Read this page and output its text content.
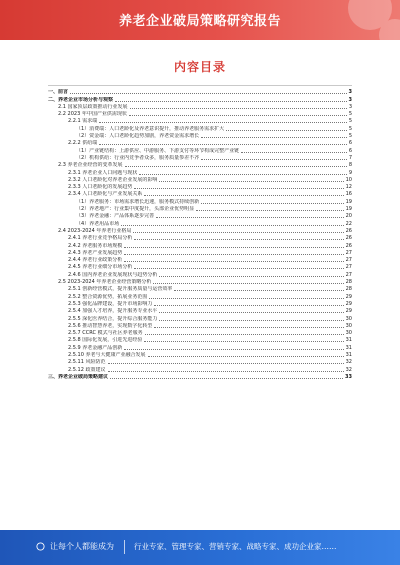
养老企业破局策略研究报告
内容目录
一、前言	3
二、养老企业市场分析与观察	3
2.1 国家顶层政策推动行业发展	3
2.2 2023 年中国产业供需现状	5
2.2.1 需求端	5
（1）消费端：人口老龄化及养老意识提升，推动养老服务需求扩大	5
（2）资金端：人口老龄化趋势加剧，养老资金需求增长	5
2.2.2 供给端	6
（1）产业链结构：上游供应、中游服务、下游支付等环节构成完整产业链	6
（2）机构供给：行业内竞争者众多，服务质量参差不齐	7
2.3 养老企业经营的变革发展	8
2.3.1 养老企业人口问题与现状	9
2.3.2 人口老龄化对养老企业发展的影响	10
2.3.3 人口老龄化的发展趋势	12
2.3.4 人口老龄化与产业发展关系	16
（1）养老服务：市场需求增长迅速，服务模式持续创新	19
（2）养老地产：行业集中度提升，头部企业优势明显	19
（3）养老金融：产品体系逐步完善	20
（4）养老用品市场	22
2.4 2023-2024 年养老行业格局	26
2.4.1 养老行业竞争格局分析	26
2.4.2 养老服务市场规模	26
2.4.3 养老产业发展趋势	27
2.4.4 养老行业政策分析	27
2.4.5 养老行业细分市场分析	27
2.4.6 国内养老企业发展现状与趋势分析	27
2.5 2023-2024 年养老企业经营策略分析	28
2.5.1 创新经营模式，提升服务质量与运营效率	28
2.5.2 整合资源优势，拓展业务范围	29
2.5.3 强化品牌建设，提升市场影响力	29
2.5.4 加强人才培养，提升服务专业水平	29
2.5.5 深化医养结合，提升综合服务能力	30
2.5.6 推动智慧养老，实现数字化转型	30
2.5.7 CCRC 模式与社区养老服务	30
2.5.8 国际化发展，引进先进经验	31
2.5.9 养老金融产品创新	31
2.5.10 养老与大健康产业融合发展	31
2.5.11 风险防范	32
2.5.12 政策建议	32
三、养老企业破局策略建议	33
让每个人都能成为	行业专家、管理专家、营销专家、战略专家、成功企业家……
